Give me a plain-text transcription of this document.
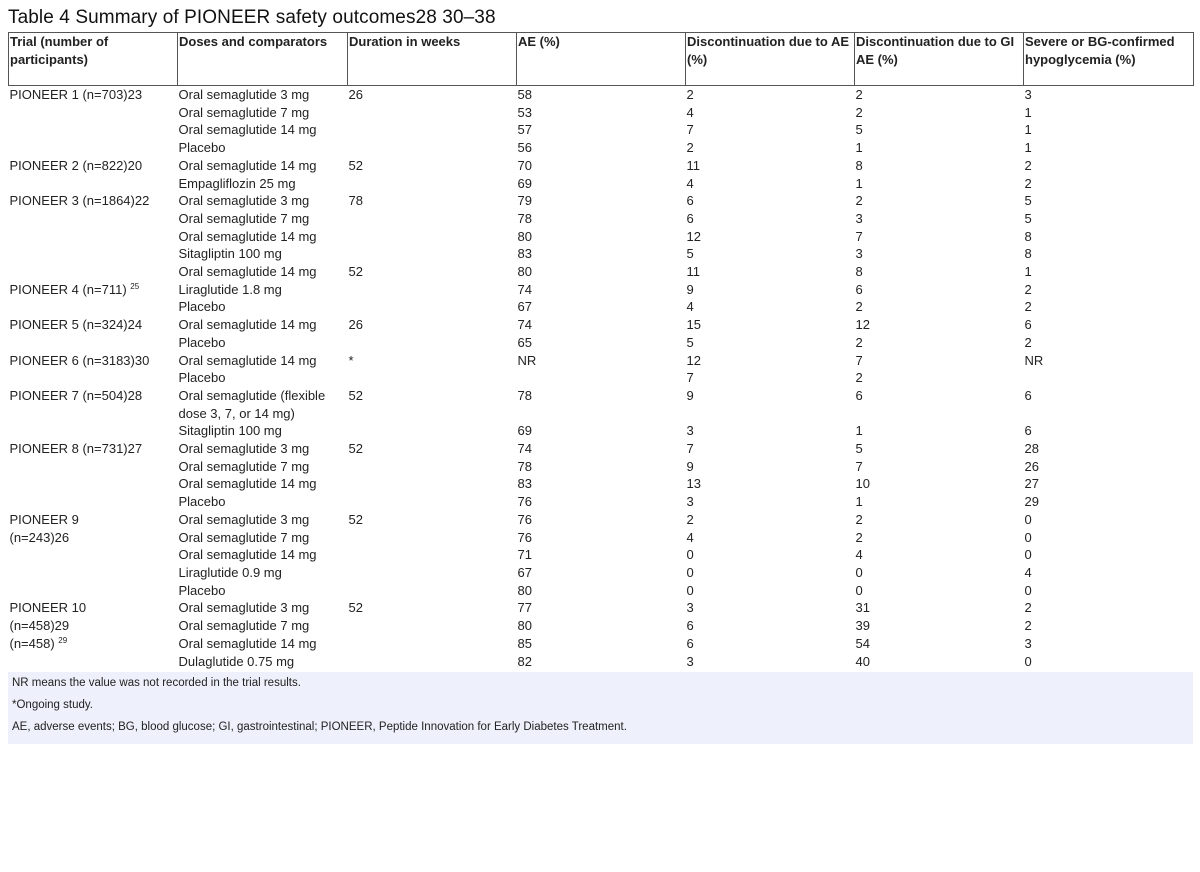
Table 4 Summary of PIONEER safety outcomes28 30–38
Trial (number of participants)	Doses and comparators	Duration in weeks	AE (%)	Discontinuation due to AE (%)	Discontinuation due to GI AE (%)	Severe or BG-confirmed hypoglycemia (%)
PIONEER 1 (n=703)23	Oral semaglutide 3 mg	26	58	2	2	3
	Oral semaglutide 7 mg		53	4	2	1
	Oral semaglutide 14 mg		57	7	5	1
	Placebo		56	2	1	1
PIONEER 2 (n=822)20	Oral semaglutide 14 mg	52	70	11	8	2
	Empagliflozin 25 mg		69	4	1	2
PIONEER 3 (n=1864)22	Oral semaglutide 3 mg	78	79	6	2	5
	Oral semaglutide 7 mg		78	6	3	5
	Oral semaglutide 14 mg		80	12	7	8
	Sitagliptin 100 mg		83	5	3	8
	Oral semaglutide 14 mg	52	80	11	8	1
PIONEER 4 (n=711) $^{25}$	Liraglutide 1.8 mg		74	9	6	2
	Placebo		67	4	2	2
PIONEER 5 (n=324)24	Oral semaglutide 14 mg	26	74	15	12	6
	Placebo		65	5	2	2
PIONEER 6 (n=3183)30	Oral semaglutide 14 mg	*	NR	12	7	NR
	Placebo			7	2	
PIONEER 7 (n=504)28	Oral semaglutide (flexible dose 3, 7, or 14 mg)	52	78	9	6	6
	Sitagliptin 100 mg		69	3	1	6
PIONEER 8 (n=731)27	Oral semaglutide 3 mg	52	74	7	5	28
	Oral semaglutide 7 mg		78	9	7	26
	Oral semaglutide 14 mg		83	13	10	27
	Placebo		76	3	1	29
PIONEER 9	Oral semaglutide 3 mg	52	76	2	2	0
(n=243)26	Oral semaglutide 7 mg		76	4	2	0
	Oral semaglutide 14 mg		71	0	4	0
	Liraglutide 0.9 mg		67	0	0	4
	Placebo		80	0	0	0
PIONEER 10	Oral semaglutide 3 mg	52	77	3	31	2
(n=458)29	Oral semaglutide 7 mg		80	6	39	2
(n=458) $^{29}$	Oral semaglutide 14 mg		85	6	54	3
	Dulaglutide 0.75 mg		82	3	40	0
NR means the value was not recorded in the trial results.
*Ongoing study.
AE, adverse events; BG, blood glucose; GI, gastrointestinal; PIONEER, Peptide Innovation for Early Diabetes Treatment.
